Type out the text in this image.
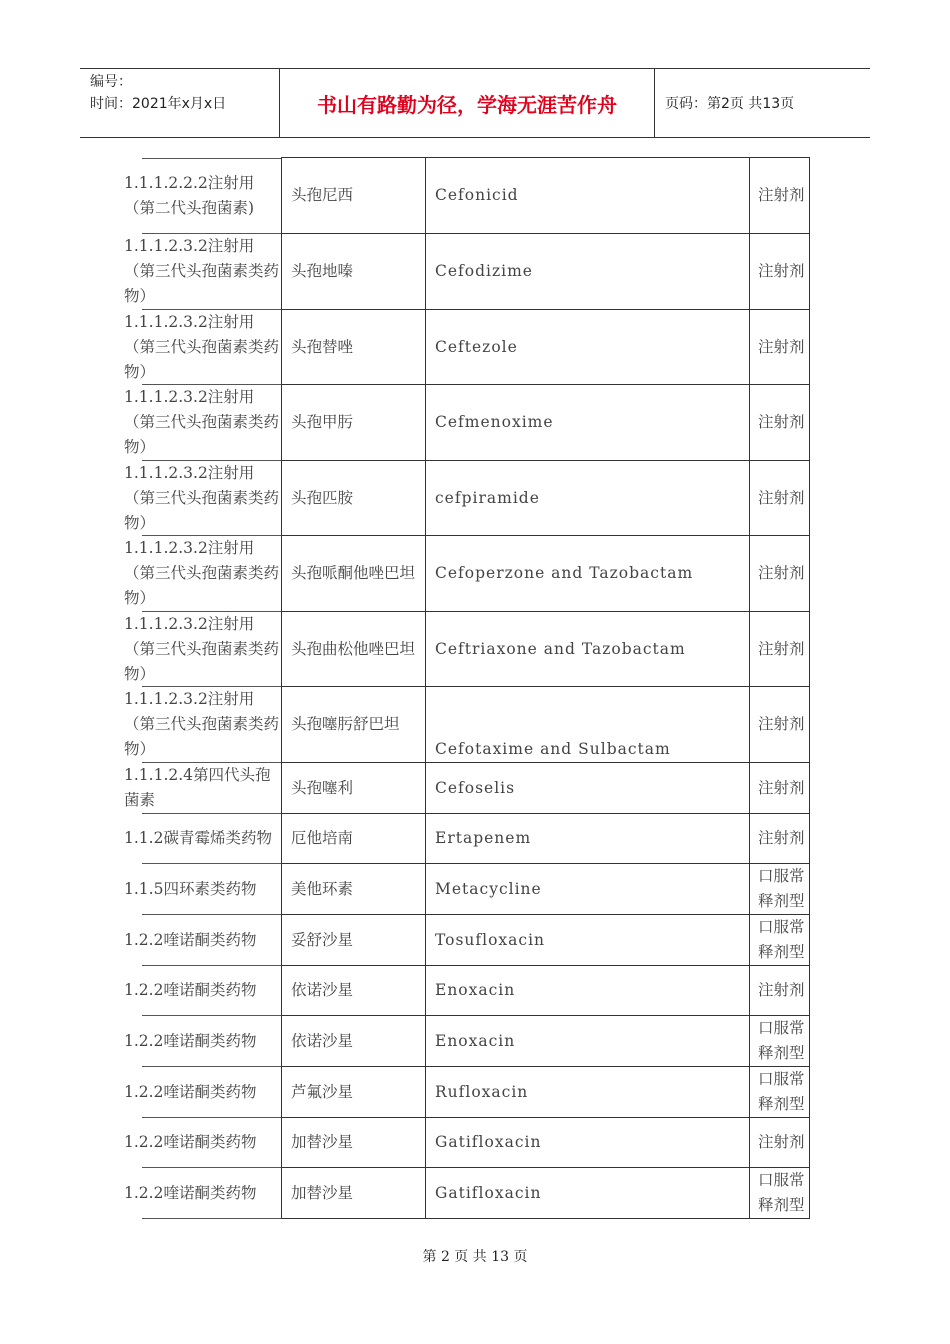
编号：
时间：2021年x月x日	书山有路勤为径，学海无涯苦作舟	页码：第2页 共13页
1.1.1.2.2.2注射用（第二代头孢菌素)	头孢尼西	Cefonicid	注射剂
1.1.1.2.3.2注射用（第三代头孢菌素类药物）	头孢地嗪	Cefodizime	注射剂
1.1.1.2.3.2注射用（第三代头孢菌素类药物）	头孢替唑	Ceftezole	注射剂
1.1.1.2.3.2注射用（第三代头孢菌素类药物）	头孢甲肟	Cefmenoxime	注射剂
1.1.1.2.3.2注射用（第三代头孢菌素类药物）	头孢匹胺	cefpiramide	注射剂
1.1.1.2.3.2注射用（第三代头孢菌素类药物）	头孢哌酮他唑巴坦	Cefoperzone and Tazobactam	注射剂
1.1.1.2.3.2注射用（第三代头孢菌素类药物）	头孢曲松他唑巴坦	Ceftriaxone and Tazobactam	注射剂
1.1.1.2.3.2注射用（第三代头孢菌素类药物）	头孢噻肟舒巴坦	Cefotaxime and Sulbactam	注射剂
1.1.1.2.4第四代头孢菌素	头孢噻利	Cefoselis	注射剂
1.1.2碳青霉烯类药物	厄他培南	Ertapenem	注射剂
1.1.5四环素类药物	美他环素	Metacycline	口服常释剂型
1.2.2喹诺酮类药物	妥舒沙星	Tosufloxacin	口服常释剂型
1.2.2喹诺酮类药物	依诺沙星	Enoxacin	注射剂
1.2.2喹诺酮类药物	依诺沙星	Enoxacin	口服常释剂型
1.2.2喹诺酮类药物	芦氟沙星	Rufloxacin	口服常释剂型
1.2.2喹诺酮类药物	加替沙星	Gatifloxacin	注射剂
1.2.2喹诺酮类药物	加替沙星	Gatifloxacin	口服常释剂型
第 2 页 共 13 页
